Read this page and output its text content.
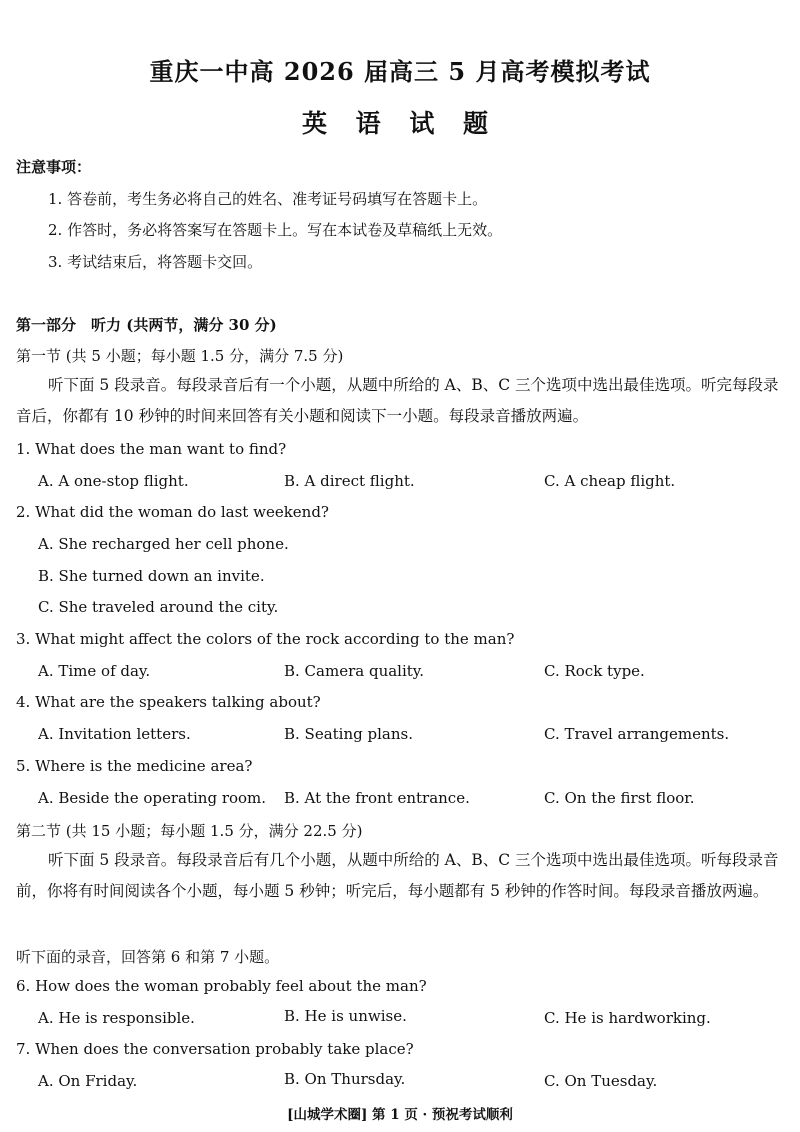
重庆一中高 2026 届高三 5 月高考模拟考试
英 语 试 题
注意事项：
1. 答卷前，考生务必将自己的姓名、准考证号码填写在答题卡上。
2. 作答时，务必将答案写在答题卡上。写在本试卷及草稿纸上无效。
3. 考试结束后，将答题卡交回。
第一部分　听力 (共两节，满分 30 分)
第一节 (共 5 小题；每小题 1.5 分，满分 7.5 分)
听下面 5 段录音。每段录音后有一个小题，从题中所给的 A、B、C 三个选项中选出最佳选项。听完每段录音后，你都有 10 秒钟的时间来回答有关小题和阅读下一小题。每段录音播放两遍。
1. What does the man want to find?
A. A one-stop flight.	B. A direct flight.	C. A cheap flight.
2. What did the woman do last weekend?
A. She recharged her cell phone.
B. She turned down an invite.
C. She traveled around the city.
3. What might affect the colors of the rock according to the man?
A. Time of day.	B. Camera quality.	C. Rock type.
4. What are the speakers talking about?
A. Invitation letters.	B. Seating plans.	C. Travel arrangements.
5. Where is the medicine area?
A. Beside the operating room. B. At the front entrance.	C. On the first floor.
第二节 (共 15 小题；每小题 1.5 分，满分 22.5 分)
听下面 5 段录音。每段录音后有几个小题，从题中所给的 A、B、C 三个选项中选出最佳选项。听每段录音前，你将有时间阅读各个小题，每小题 5 秒钟；听完后，每小题都有 5 秒钟的作答时间。每段录音播放两遍。
听下面的录音，回答第 6 和第 7 小题。
6. How does the woman probably feel about the man?
A. He is responsible.	B. He is unwise.	C. He is hardworking.
7. When does the conversation probably take place?
A. On Friday.	B. On Thursday.	C. On Tuesday.
[山城学术圈] 第 1 页 · 预祝考试顺利
